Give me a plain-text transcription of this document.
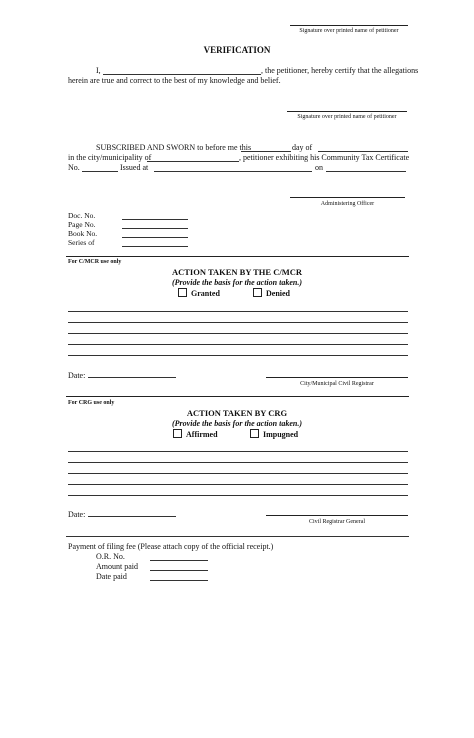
Signature over printed name of petitioner
VERIFICATION
I,	, the petitioner, hereby certify that the allegations
herein are true and correct to the best of my knowledge and belief.
Signature over printed name of petitioner
SUBSCRIBED AND SWORN to before me this	day of
in the city/municipality of	, petitioner exhibiting his Community Tax Certificate
No.	Issued at	on
Administering Officer
Doc. No.
Page No.
Book No.
Series of
For C/MCR use only
ACTION TAKEN BY THE C/MCR
(Provide the basis for the action taken.)
Granted	Denied
Date:
City/Municipal Civil Registrar
For CRG use only
ACTION TAKEN BY CRG
(Provide the basis for the action taken.)
Affirmed	Impugned
Date:
Civil Registrar General
Payment of filing fee (Please attach copy of the official receipt.)
O.R. No.
Amount paid
Date paid
